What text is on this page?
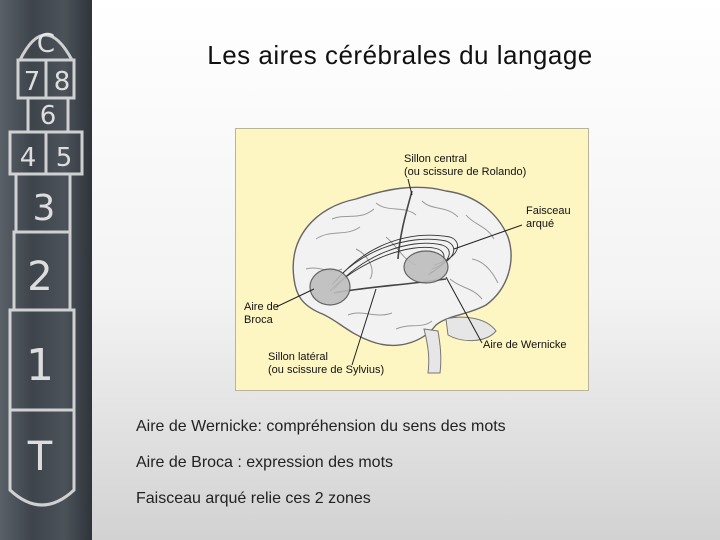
C
7 8
6
4 5
3
2
1
T
Les aires cérébrales du langage
Sillon central
(ou scissure de Rolando)
Faisceau
arqué
Aire de
Broca
Sillon latéral
(ou scissure de Sylvius)
Aire de Wernicke
Aire de Wernicke: compréhension du sens des mots
Aire de Broca : expression des mots
Faisceau arqué relie ces 2 zones
